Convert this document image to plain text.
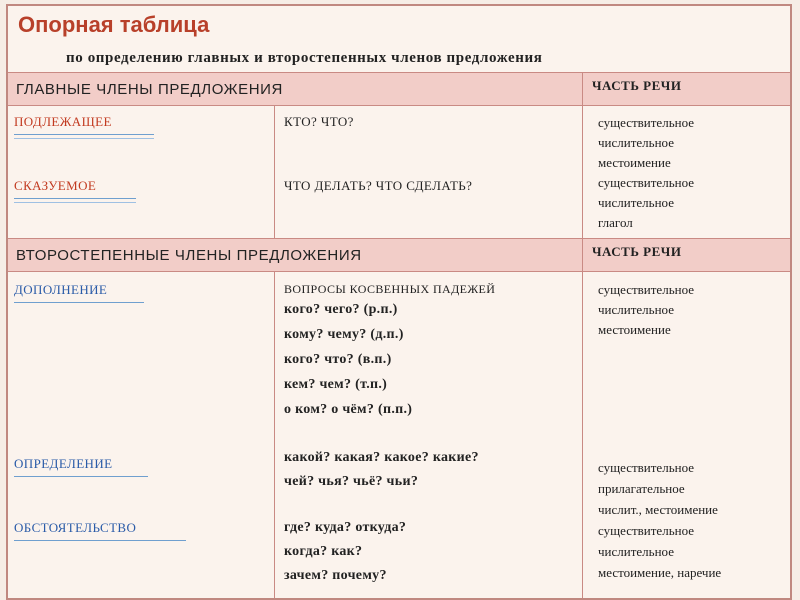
Опорная таблица
по определению главных и второстепенных членов предложения
ГЛАВНЫЕ ЧЛЕНЫ ПРЕДЛОЖЕНИЯ	ЧАСТЬ РЕЧИ
ПОДЛЕЖАЩЕЕ
СКАЗУЕМОЕ
КТО? ЧТО?
ЧТО ДЕЛАТЬ? ЧТО СДЕЛАТЬ?
существительное
числительное
местоимение
существительное
числительное
глагол
ВТОРОСТЕПЕННЫЕ ЧЛЕНЫ ПРЕДЛОЖЕНИЯ	ЧАСТЬ РЕЧИ
ДОПОЛНЕНИЕ
ОПРЕДЕЛЕНИЕ
ОБСТОЯТЕЛЬСТВО
ВОПРОСЫ КОСВЕННЫХ ПАДЕЖЕЙ
кого? чего? (р.п.)
кому? чему? (д.п.)
кого? что? (в.п.)
кем? чем? (т.п.)
о ком? о чём? (п.п.)
какой? какая? какое? какие?
чей? чья? чьё? чьи?
где? куда? откуда?
когда? как?
зачем? почему?
существительное
числительное
местоимение
существительное
прилагательное
числит., местоимение
существительное
числительное
местоимение, наречие
